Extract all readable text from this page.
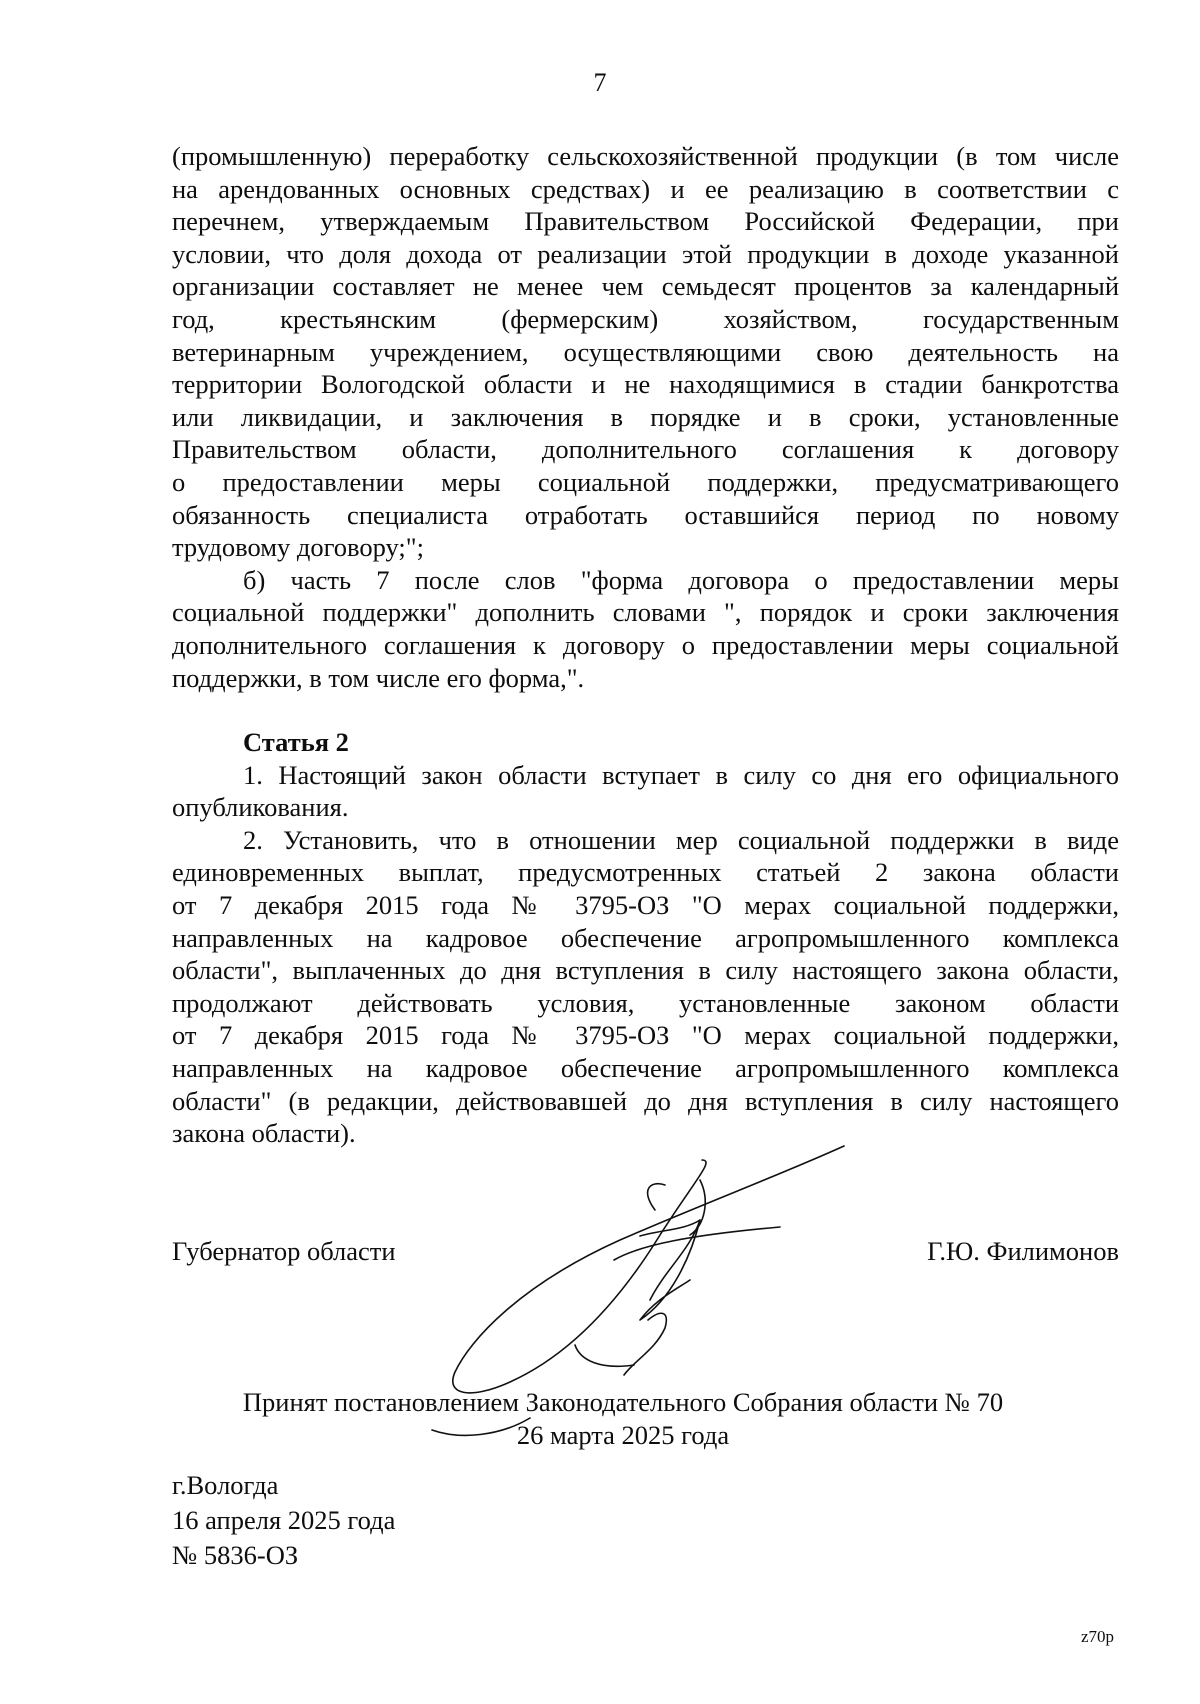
7

(промышленную) переработку сельскохозяйственной продукции (в том числе
на арендованных основных средствах) и ее реализацию в соответствии с
перечнем, утверждаемым Правительством Российской Федерации, при
условии, что доля дохода от реализации этой продукции в доходе указанной
организации составляет не менее чем семьдесят процентов за календарный
год, крестьянским (фермерским) хозяйством, государственным
ветеринарным учреждением, осуществляющими свою деятельность на
территории Вологодской области и не находящимися в стадии банкротства
или ликвидации, и заключения в порядке и в сроки, установленные
Правительством области, дополнительного соглашения к договору
о предоставлении меры социальной поддержки, предусматривающего
обязанность специалиста отработать оставшийся период по новому
трудовому договору;";

б) часть 7 после слов "форма договора о предоставлении меры
социальной поддержки" дополнить словами ", порядок и сроки заключения
дополнительного соглашения к договору о предоставлении меры социальной
поддержки, в том числе его форма,".

Статья 2

1. Настоящий закон области вступает в силу со дня его официального
опубликования.

2. Установить, что в отношении мер социальной поддержки в виде
единовременных выплат, предусмотренных статьей 2 закона области
от 7 декабря 2015 года № 3795-ОЗ "О мерах социальной поддержки,
направленных на кадровое обеспечение агропромышленного комплекса
области", выплаченных до дня вступления в силу настоящего закона области,
продолжают действовать условия, установленные законом области
от 7 декабря 2015 года № 3795-ОЗ "О мерах социальной поддержки,
направленных на кадровое обеспечение агропромышленного комплекса
области" (в редакции, действовавшей до дня вступления в силу настоящего
закона области).

Губернатор области	Г.Ю. Филимонов
Принят постановлением Законодательного Собрания области № 70
26 марта 2025 года
г.Вологда
16 апреля 2025 года
№ 5836-ОЗ
z70p
